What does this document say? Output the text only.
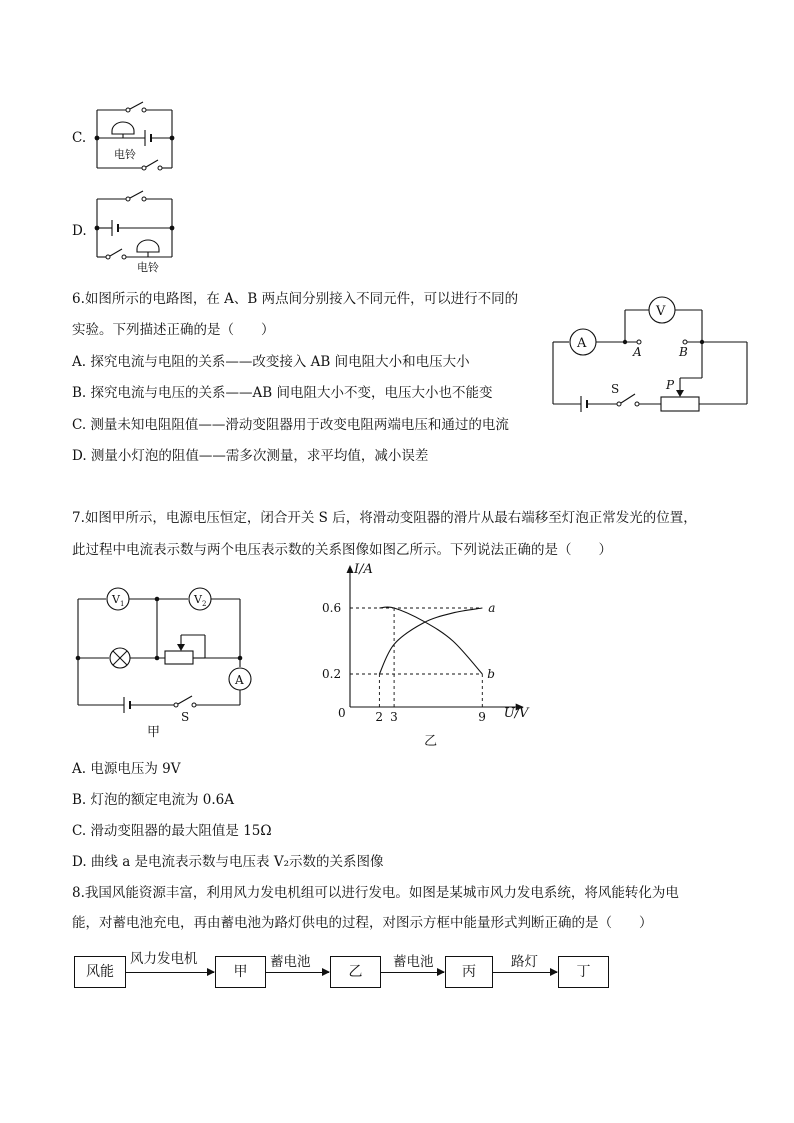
C.
电铃
D.
电铃
6.如图所示的电路图，在 A、B 两点间分别接入不同元件，可以进行不同的
实验。下列描述正确的是（　　）
A. 探究电流与电阻的关系——改变接入 AB 间电阻大小和电压大小
B. 探究电流与电压的关系——AB 间电阻大小不变，电压大小也不能变
C. 测量未知电阻阻值——滑动变阻器用于改变电阻两端电压和通过的电流
D. 测量小灯泡的阻值——需多次测量，求平均值，减小误差
A
A	B
V
S	P
7.如图甲所示，电源电压恒定，闭合开关 S 后，将滑动变阻器的滑片从最右端移至灯泡正常发光的位置，
此过程中电流表示数与两个电压表示数的关系图像如图乙所示。下列说法正确的是（　　）
V 1	V 2
A
S
甲
I/A
U/V
0 2 3	9
0.2
0.6	a
b
乙
A. 电源电压为 9V
B. 灯泡的额定电流为 0.6A
C. 滑动变阻器的最大阻值是 15Ω
D. 曲线 a 是电流表示数与电压表 V₂示数的关系图像
8.我国风能资源丰富，利用风力发电机组可以进行发电。如图是某城市风力发电系统，将风能转化为电
能，对蓄电池充电，再由蓄电池为路灯供电的过程，对图示方框中能量形式判断正确的是（　　）
风能
风力发电机
甲
蓄电池
乙
蓄电池
丙
路灯
丁
